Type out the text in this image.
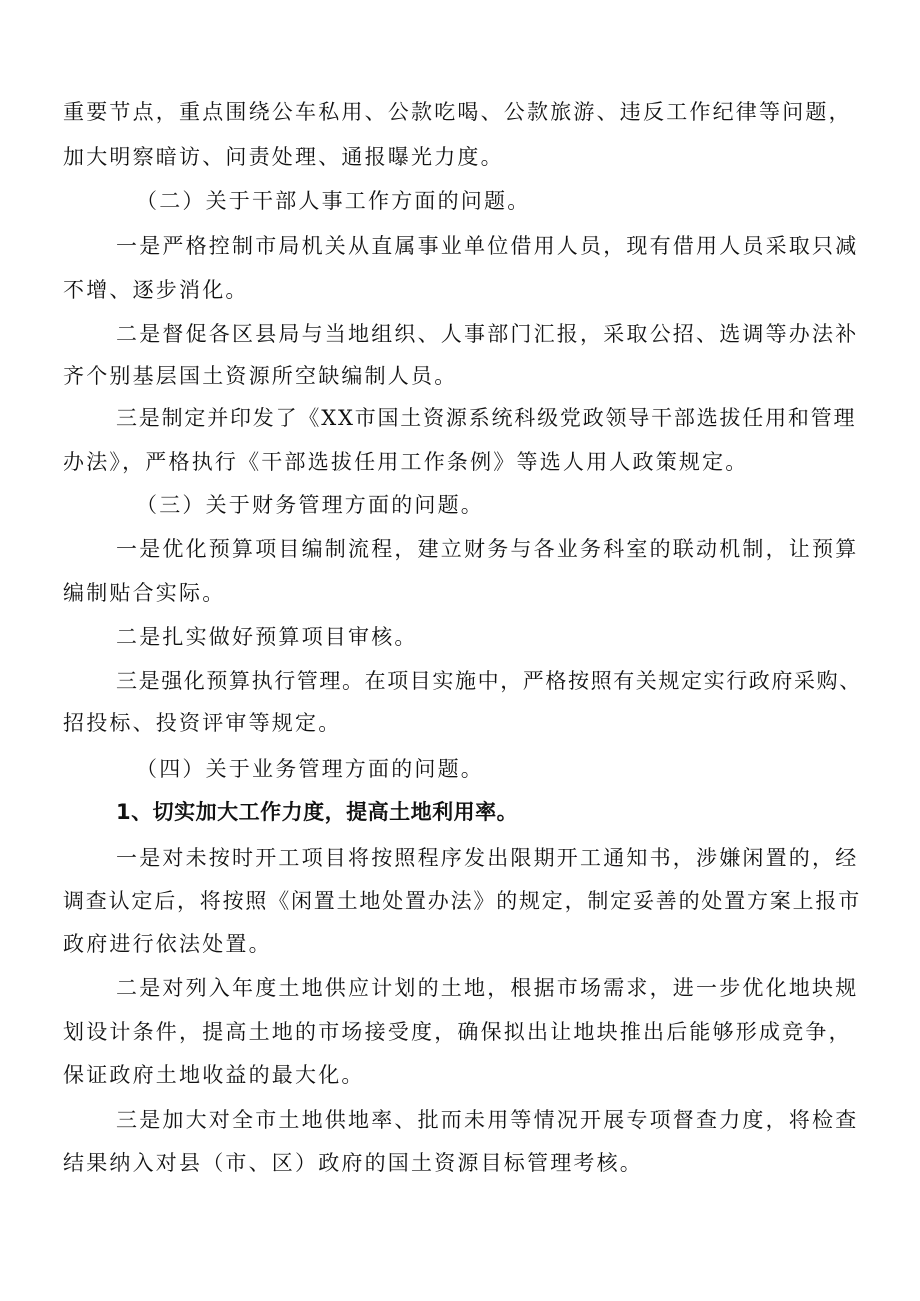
重要节点，重点围绕公车私用、公款吃喝、公款旅游、违反工作纪律等问题，

加大明察暗访、问责处理、通报曝光力度。

（二）关于干部人事工作方面的问题。

一是严格控制市局机关从直属事业单位借用人员，现有借用人员采取只减

不增、逐步消化。

二是督促各区县局与当地组织、人事部门汇报，采取公招、选调等办法补

齐个别基层国土资源所空缺编制人员。

三是制定并印发了《XX市国土资源系统科级党政领导干部选拔任用和管理

办法》，严格执行《干部选拔任用工作条例》等选人用人政策规定。

（三）关于财务管理方面的问题。

一是优化预算项目编制流程，建立财务与各业务科室的联动机制，让预算

编制贴合实际。

二是扎实做好预算项目审核。

三是强化预算执行管理。在项目实施中，严格按照有关规定实行政府采购、

招投标、投资评审等规定。

（四）关于业务管理方面的问题。

1、切实加大工作力度，提高土地利用率。

一是对未按时开工项目将按照程序发出限期开工通知书，涉嫌闲置的，经

调查认定后，将按照《闲置土地处置办法》的规定，制定妥善的处置方案上报市

政府进行依法处置。

二是对列入年度土地供应计划的土地，根据市场需求，进一步优化地块规

划设计条件，提高土地的市场接受度，确保拟出让地块推出后能够形成竞争，

保证政府土地收益的最大化。

三是加大对全市土地供地率、批而未用等情况开展专项督查力度，将检查

结果纳入对县（市、区）政府的国土资源目标管理考核。
